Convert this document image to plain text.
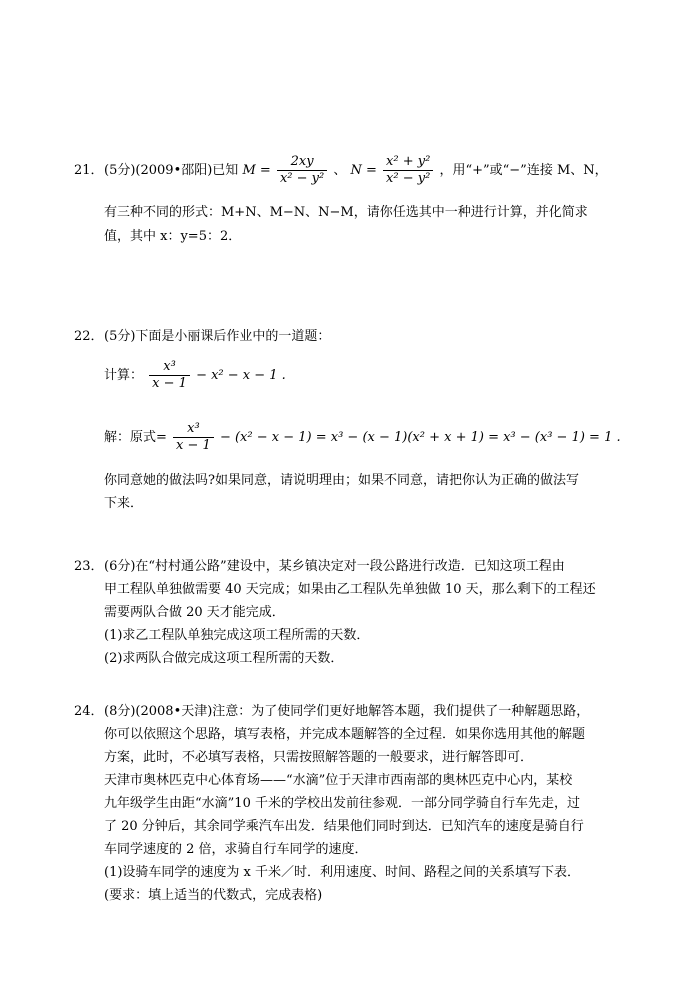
21． (5分)(2009•邵阳)已知 $M = \frac{2xy}{\text{x² − y²}}$ 、 $N = \frac{\text{x² + y²}}{\text{x² − y²}}$ ，用“+”或“−”连接 M、N，
有三种不同的形式：M+N、M−N、N−M，请你任选其中一种进行计算，并化简求
值，其中 x：y=5：2．
22． (5分)下面是小丽课后作业中的一道题：
计算： $\frac{\text{x³}}{x - 1} - x^2 - x - 1$ .
解：原式= $\frac{\text{x³}}{x - 1} - (x^2 - x - 1) = x^3 - (x - 1)(x^2 + x + 1) = x^3 - (x^3 - 1) = 1$ .
你同意她的做法吗?如果同意，请说明理由；如果不同意，请把你认为正确的做法写
下来．
23． (6分)在“村村通公路”建设中，某乡镇决定对一段公路进行改造．已知这项工程由
甲工程队单独做需要 40 天完成；如果由乙工程队先单独做 10 天，那么剩下的工程还
需要两队合做 20 天才能完成．
(1)求乙工程队单独完成这项工程所需的天数．
(2)求两队合做完成这项工程所需的天数．
24． (8分)(2008•天津)注意：为了使同学们更好地解答本题，我们提供了一种解题思路，
你可以依照这个思路，填写表格，并完成本题解答的全过程．如果你选用其他的解题
方案，此时，不必填写表格，只需按照解答题的一般要求，进行解答即可．
天津市奥林匹克中心体育场——“水滴”位于天津市西南部的奥林匹克中心内，某校
九年级学生由距“水滴”10 千米的学校出发前往参观．一部分同学骑自行车先走，过
了 20 分钟后，其余同学乘汽车出发．结果他们同时到达．已知汽车的速度是骑自行
车同学速度的 2 倍，求骑自行车同学的速度．
(1)设骑车同学的速度为 x 千米／时．利用速度、时间、路程之间的关系填写下表．
(要求：填上适当的代数式，完成表格)
